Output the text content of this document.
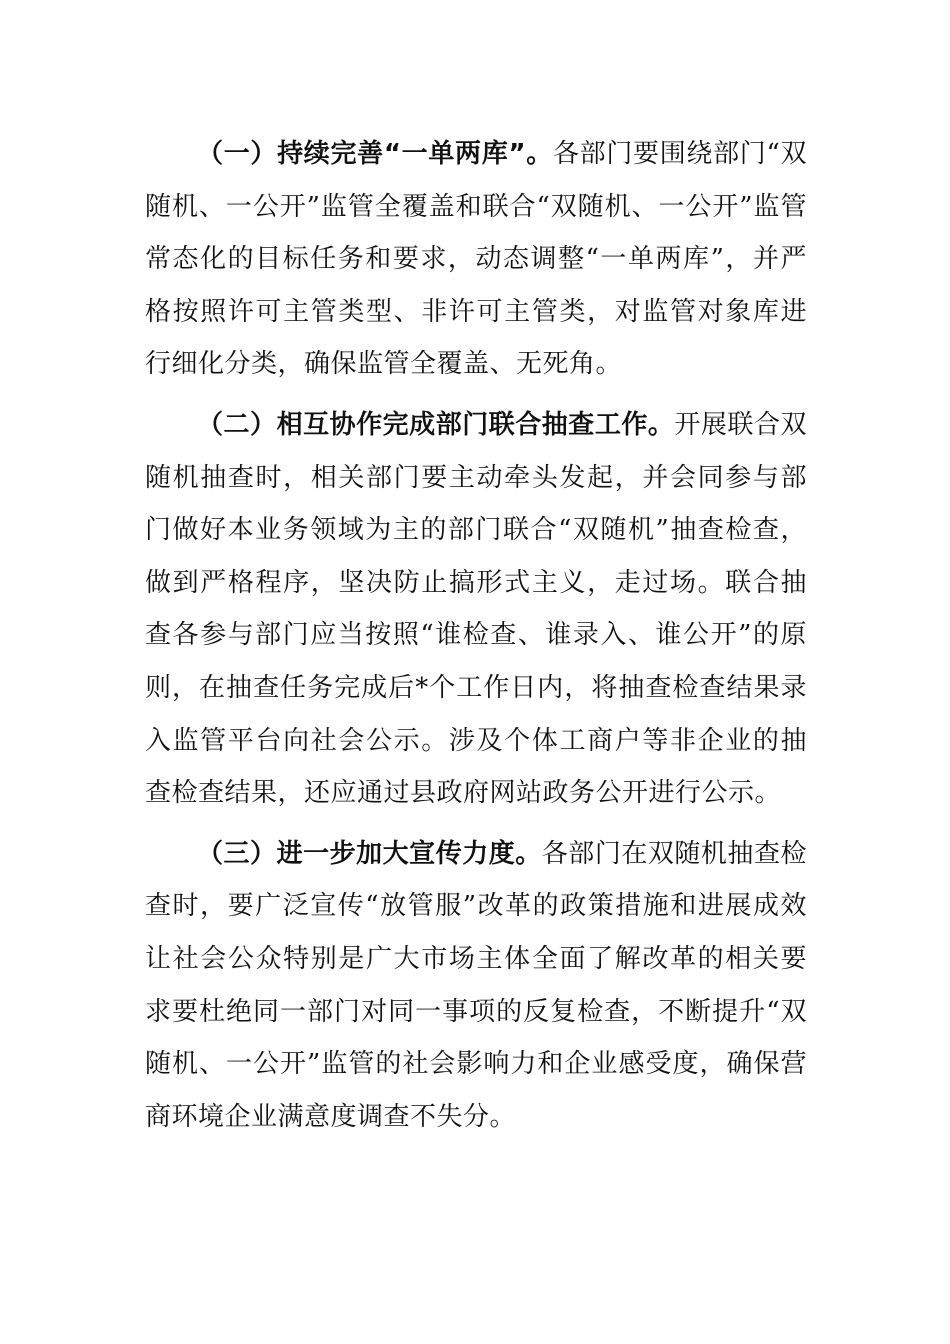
（一）持续完善“一单两库”。各部门要围绕部门“双随机、一公开”监管全覆盖和联合“双随机、一公开”监管常态化的目标任务和要求，动态调整“一单两库”，并严格按照许可主管类型、非许可主管类，对监管对象库进行细化分类，确保监管全覆盖、无死角。

（二）相互协作完成部门联合抽查工作。开展联合双随机抽查时，相关部门要主动牵头发起，并会同参与部门做好本业务领域为主的部门联合“双随机”抽查检查，做到严格程序，坚决防止搞形式主义，走过场。联合抽查各参与部门应当按照“谁检查、谁录入、谁公开”的原则，在抽查任务完成后*个工作日内，将抽查检查结果录入监管平台向社会公示。涉及个体工商户等非企业的抽查检查结果，还应通过县政府网站政务公开进行公示。

（三）进一步加大宣传力度。各部门在双随机抽查检查时，要广泛宣传“放管服”改革的政策措施和进展成效让社会公众特别是广大市场主体全面了解改革的相关要求要杜绝同一部门对同一事项的反复检查，不断提升“双随机、一公开”监管的社会影响力和企业感受度，确保营商环境企业满意度调查不失分。
